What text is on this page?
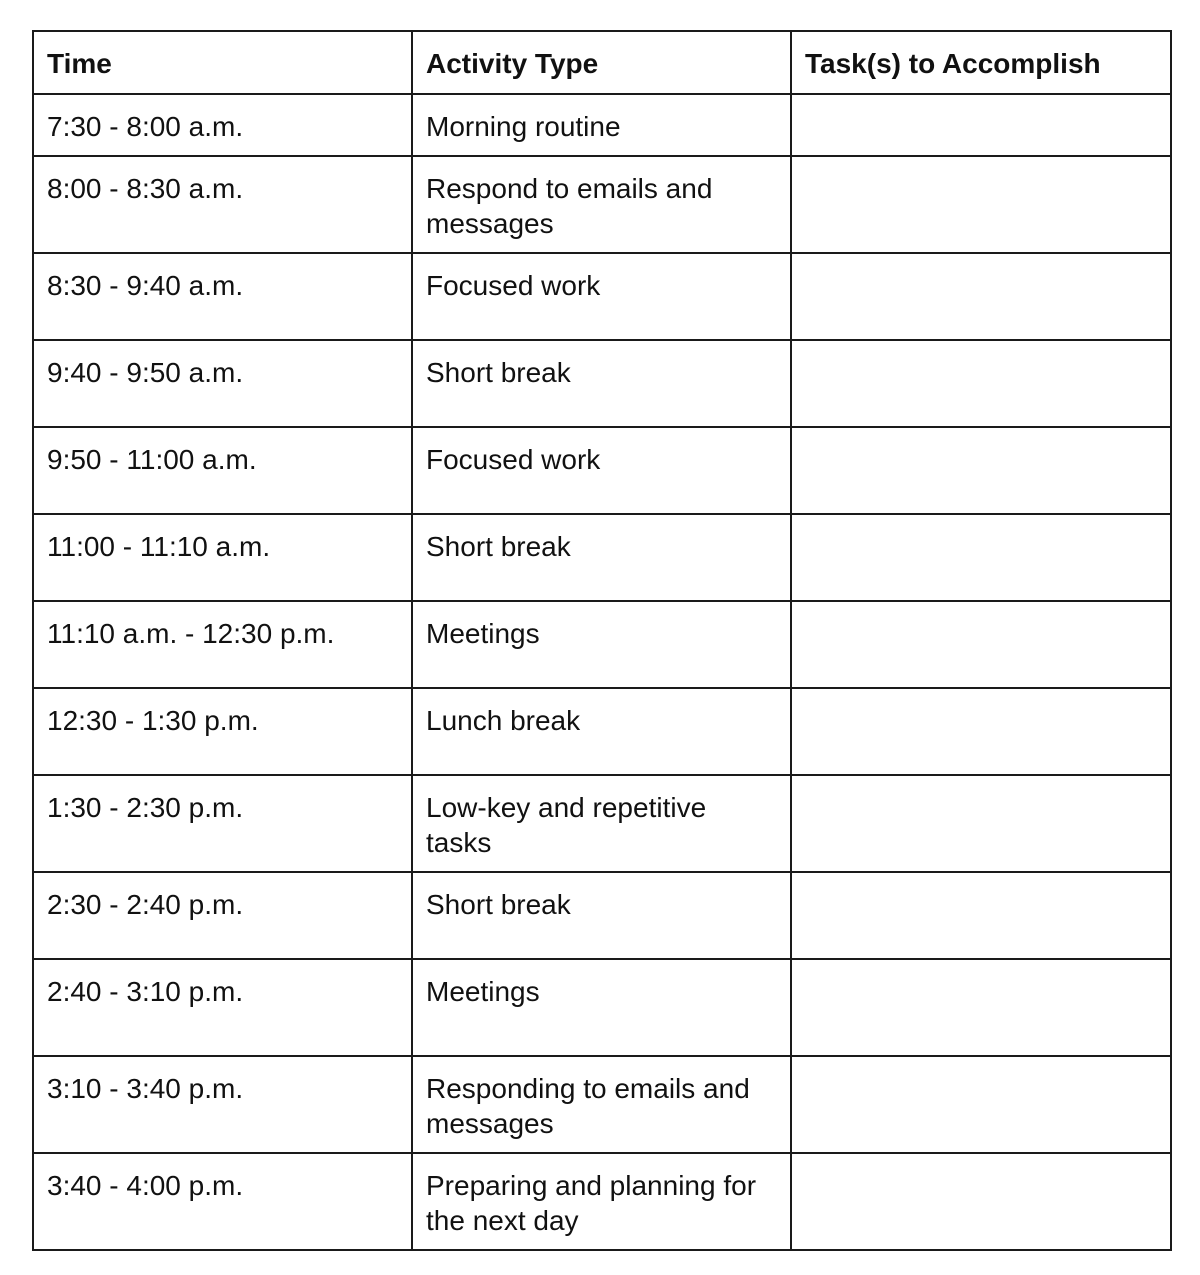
Time	Activity Type	Task(s) to Accomplish
7:30 - 8:00 a.m.	Morning routine	
8:00 - 8:30 a.m.	Respond to emails and messages	
8:30 - 9:40 a.m.	Focused work	
9:40 - 9:50 a.m.	Short break	
9:50 - 11:00 a.m.	Focused work	
11:00 - 11:10 a.m.	Short break	
11:10 a.m. - 12:30 p.m.	Meetings	
12:30 - 1:30 p.m.	Lunch break	
1:30 - 2:30 p.m.	Low-key and repetitive tasks	
2:30 - 2:40 p.m.	Short break	
2:40 - 3:10 p.m.	Meetings	
3:10 - 3:40 p.m.	Responding to emails and messages	
3:40 - 4:00 p.m.	Preparing and planning for the next day	
